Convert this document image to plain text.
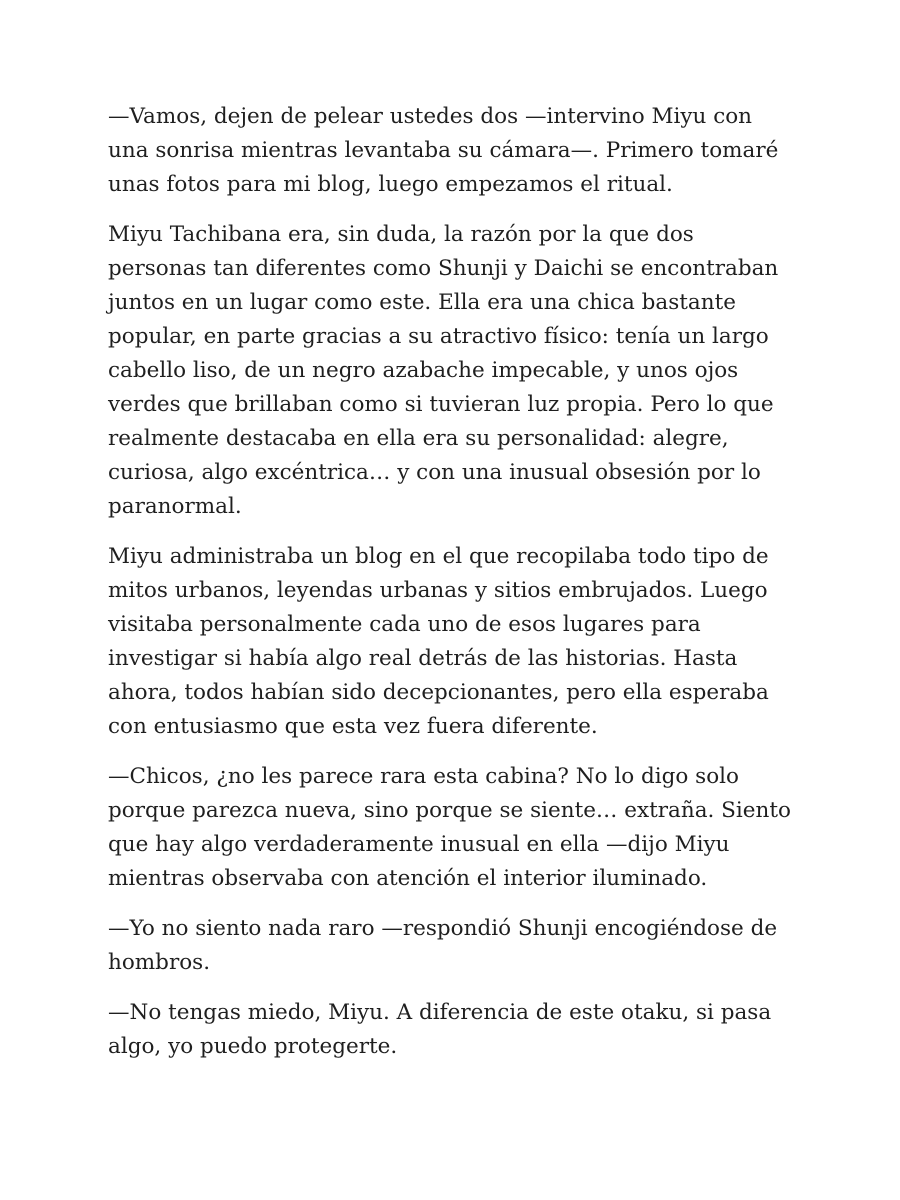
—Vamos, dejen de pelear ustedes dos —intervino Miyu con una sonrisa mientras levantaba su cámara—. Primero tomaré unas fotos para mi blog, luego empezamos el ritual.

Miyu Tachibana era, sin duda, la razón por la que dos personas tan diferentes como Shunji y Daichi se encontraban juntos en un lugar como este. Ella era una chica bastante popular, en parte gracias a su atractivo físico: tenía un largo cabello liso, de un negro azabache impecable, y unos ojos verdes que brillaban como si tuvieran luz propia. Pero lo que realmente destacaba en ella era su personalidad: alegre, curiosa, algo excéntrica… y con una inusual obsesión por lo paranormal.

Miyu administraba un blog en el que recopilaba todo tipo de mitos urbanos, leyendas urbanas y sitios embrujados. Luego visitaba personalmente cada uno de esos lugares para investigar si había algo real detrás de las historias. Hasta ahora, todos habían sido decepcionantes, pero ella esperaba con entusiasmo que esta vez fuera diferente.

—Chicos, ¿no les parece rara esta cabina? No lo digo solo porque parezca nueva, sino porque se siente… extraña. Siento que hay algo verdaderamente inusual en ella —dijo Miyu mientras observaba con atención el interior iluminado.

—Yo no siento nada raro —respondió Shunji encogiéndose de hombros.

—No tengas miedo, Miyu. A diferencia de este otaku, si pasa algo, yo puedo protegerte.
